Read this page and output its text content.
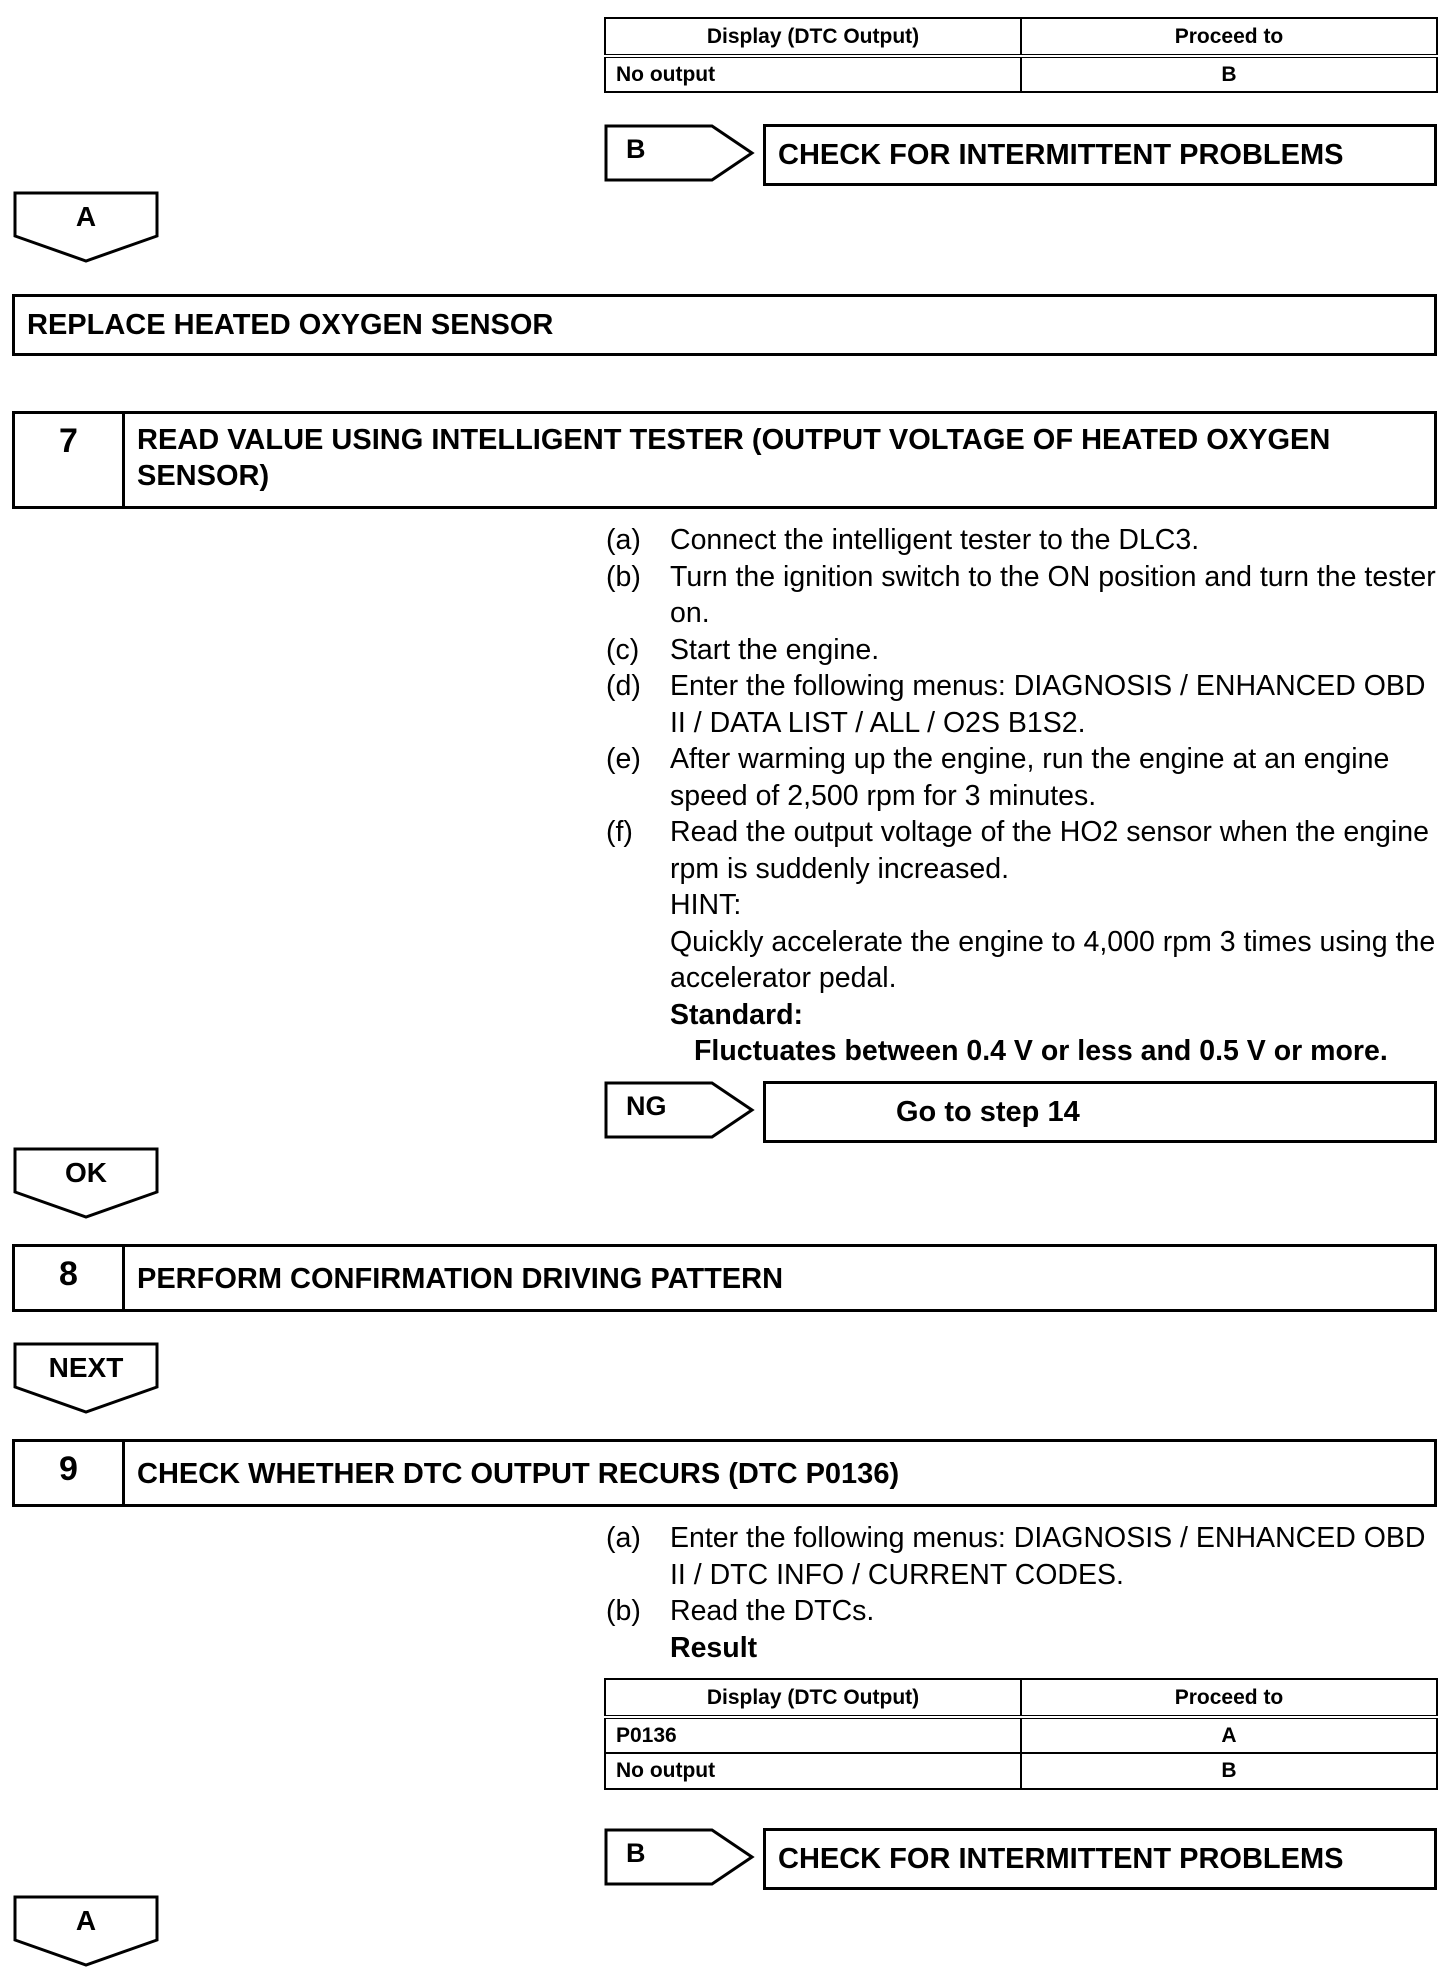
Display (DTC Output)	Proceed to
No output	B
B	CHECK FOR INTERMITTENT PROBLEMS
A
REPLACE HEATED OXYGEN SENSOR
7	READ VALUE USING INTELLIGENT TESTER (OUTPUT VOLTAGE OF HEATED OXYGEN SENSOR)
(a)	Connect the intelligent tester to the DLC3.
(b)	Turn the ignition switch to the ON position and turn the tester on.
(c)	Start the engine.
(d)	Enter the following menus: DIAGNOSIS / ENHANCED OBD II / DATA LIST / ALL / O2S B1S2.
(e)	After warming up the engine, run the engine at an engine speed of 2,500 rpm for 3 minutes.
(f)	Read the output voltage of the HO2 sensor when the engine rpm is suddenly increased.
HINT:
Quickly accelerate the engine to 4,000 rpm 3 times using the accelerator pedal.
Standard:
Fluctuates between 0.4 V or less and 0.5 V or more.
NG	Go to step 14
OK
8	PERFORM CONFIRMATION DRIVING PATTERN
NEXT
9	CHECK WHETHER DTC OUTPUT RECURS (DTC P0136)
(a)	Enter the following menus: DIAGNOSIS / ENHANCED OBD II / DTC INFO / CURRENT CODES.
(b)	Read the DTCs.
Result
Display (DTC Output)	Proceed to
P0136	A
No output	B
B	CHECK FOR INTERMITTENT PROBLEMS
A
